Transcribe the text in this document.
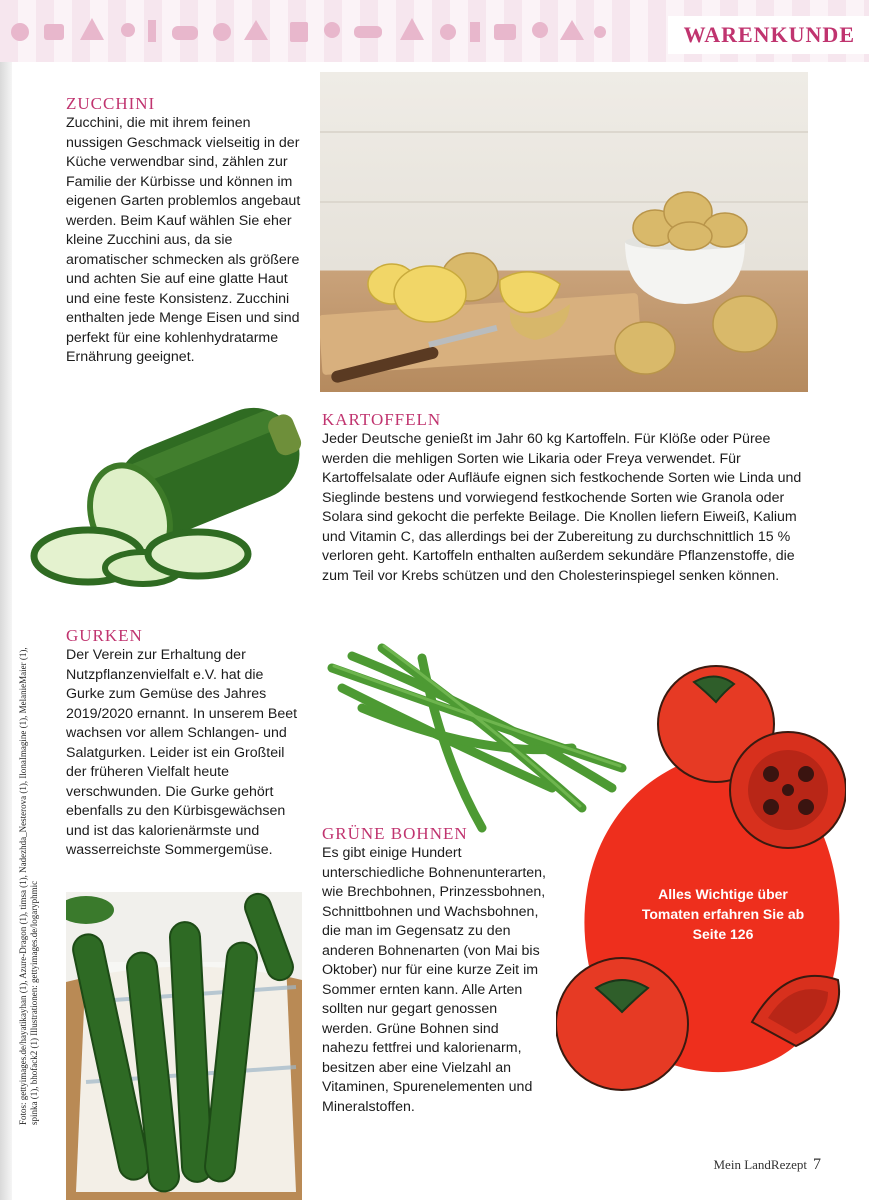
WARENKUNDE
ZUCCHINI

Zucchini, die mit ihrem feinen nussigen Geschmack vielseitig in der Küche verwendbar sind, zählen zur Familie der Kürbisse und können im eigenen Garten problemlos angebaut werden. Beim Kauf wählen Sie eher kleine Zucchini aus, da sie aromatischer schmecken als größere und achten Sie auf eine glatte Haut und eine feste Konsistenz. Zucchini enthalten jede Menge Eisen und sind perfekt für eine kohlenhydratarme Ernährung geeignet.

KARTOFFELN

Jeder Deutsche genießt im Jahr 60 kg Kartoffeln. Für Klöße oder Püree werden die mehligen Sorten wie Likaria oder Freya verwendet. Für Kartoffelsalate oder Aufläufe eignen sich festkochende Sorten wie Linda und Sieglinde bestens und vorwiegend festkochende Sorten wie Granola oder Solara sind gekocht die perfekte Beilage. Die Knollen liefern Eiweiß, Kalium und Vitamin C, das allerdings bei der Zubereitung zu durchschnittlich 15 % verloren geht. Kartoffeln enthalten außerdem sekundäre Pflanzenstoffe, die zum Teil vor Krebs schützen und den Cholesterinspiegel senken können.

GURKEN

Der Verein zur Erhaltung der Nutzpflanzenvielfalt e.V. hat die Gurke zum Gemüse des Jahres 2019/2020 ernannt. In unserem Beet wachsen vor allem Schlangen- und Salatgurken. Leider ist ein Großteil der früheren Vielfalt heute verschwunden. Die Gurke gehört ebenfalls zu den Kürbisgewächsen und ist das kalorienärmste und wasserreichste Sommergemüse.

GRÜNE BOHNEN

Es gibt einige Hundert unterschiedliche Bohnenunterarten, wie Brechbohnen, Prinzessbohnen, Schnittbohnen und Wachsbohnen, die man im Gegensatz zu den anderen Bohnenarten (von Mai bis Oktober) nur für eine kurze Zeit im Sommer ernten kann. Alle Arten sollten nur gegart genossen werden. Grüne Bohnen sind nahezu fettfrei und kalorienarm, besitzen aber eine Vielzahl an Vitaminen, Spurenelementen und Mineralstoffen.

Alles Wichtige über Tomaten erfahren Sie ab Seite 126
Fotos: gettyimages.de/hayatikayhan (1), Azure-Dragon (1), timsa (1), Nadezhda_Nesterova (1), IlonaImagine (1), MelanieMaier (1), spinka (1), bhofack2 (1) Illustrationen: gettyimages.de/logaryphmic
Mein LandRezept 7
